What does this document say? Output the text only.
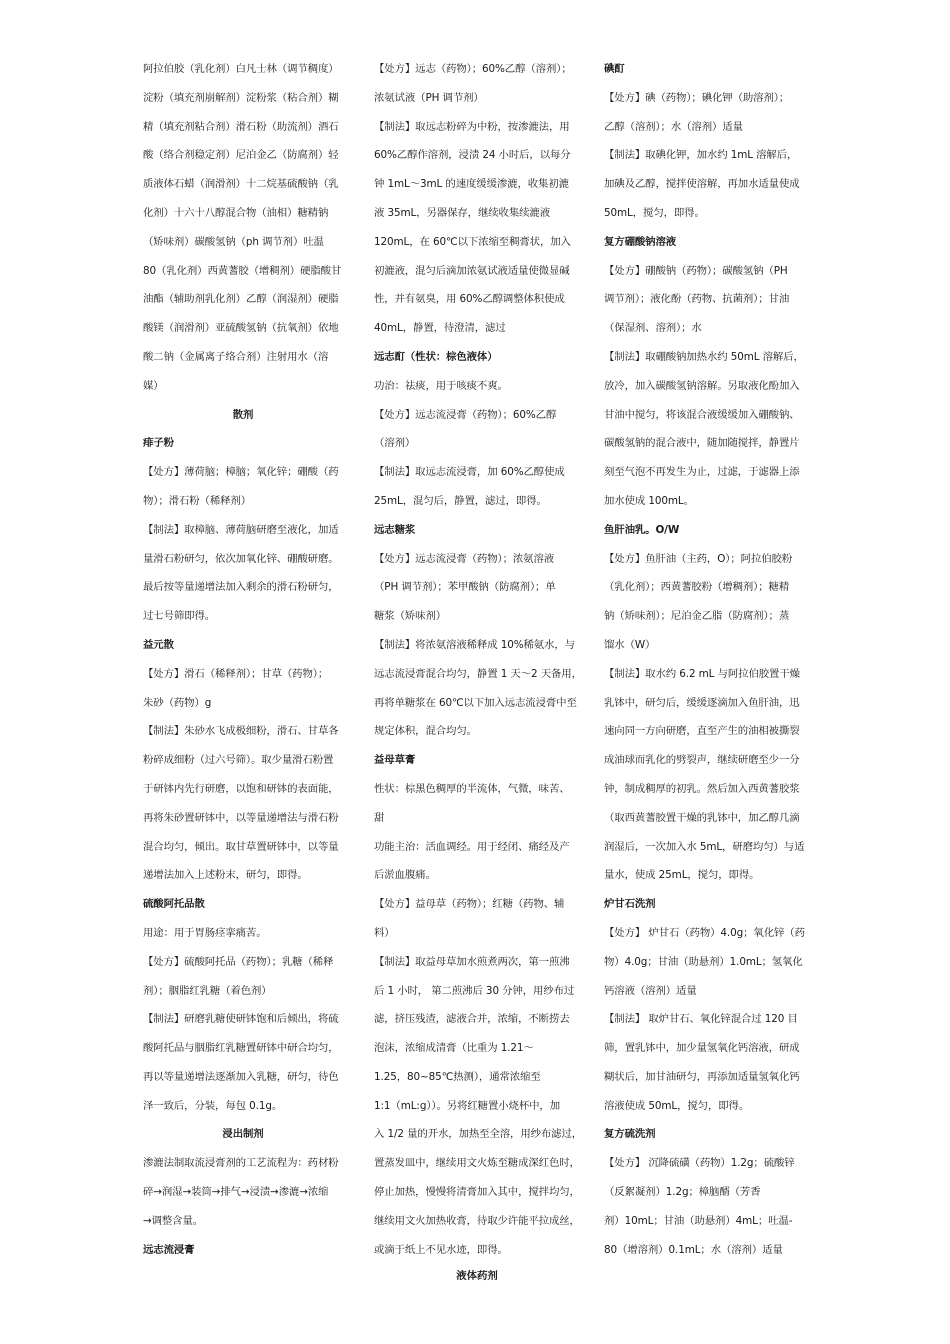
阿拉伯胶（乳化剂）白凡士林（调节稠度）
淀粉（填充剂崩解剂）淀粉浆（粘合剂）糊
精（填充剂粘合剂）滑石粉（助流剂）酒石
酸（络合剂稳定剂）尼泊金乙（防腐剂）轻
质液体石蜡（润滑剂）十二烷基硫酸钠（乳
化剂）十六十八醇混合物（油相）糖精钠
（矫味剂）碳酸氢钠（ph 调节剂）吐温
80（乳化剂）西黄蓍胶（增稠剂）硬脂酸甘
油酯（辅助剂乳化剂）乙醇（润湿剂）硬脂
酸镁（润滑剂）亚硫酸氢钠（抗氧剂）依地
酸二钠（金属离子络合剂）注射用水（溶
媒）
散剂
痱子粉
【处方】薄荷脑；樟脑；氧化锌；硼酸（药
物）；滑石粉（稀释剂）
【制法】取樟脑、薄荷脑研磨至液化，加适
量滑石粉研匀，依次加氧化锌、硼酸研磨。
最后按等量递增法加入剩余的滑石粉研匀，
过七号筛即得。
益元散
【处方】滑石（稀释剂）；甘草（药物）；
朱砂（药物）g
【制法】朱砂水飞成极细粉，滑石、甘草各
粉碎成细粉（过六号筛）。取少量滑石粉置
于研钵内先行研磨，以饱和研钵的表面能，
再将朱砂置研钵中，以等量递增法与滑石粉
混合均匀，倾出。取甘草置研钵中，以等量
递增法加入上述粉末，研匀，即得。
硫酸阿托品散
用途：用于胃肠痉挛痛苦。
【处方】硫酸阿托品（药物）；乳糖（稀释
剂）；胭脂红乳糖（着色剂）
【制法】研磨乳糖使研钵饱和后倾出，将硫
酸阿托品与胭脂红乳糖置研钵中研合均匀，
再以等量递增法逐渐加入乳糖，研匀，待色
泽一致后，分装，每包 0.1g。
浸出制剂
渗漉法制取流浸膏剂的工艺流程为：药材粉
碎→润湿→装筒→排气→浸渍→渗漉→浓缩
→调整含量。
远志流浸膏
【处方】远志（药物）；60%乙醇（溶剂）；
浓氨试液（PH 调节剂）
【制法】取远志粉碎为中粉，按渗漉法，用
60%乙醇作溶剂，浸渍 24 小时后，以每分
钟 1mL～3mL 的速度缓缓渗漉，收集初漉
液 35mL，另器保存，继续收集续漉液
120mL，在 60℃以下浓缩至稠膏状，加入
初漉液，混匀后滴加浓氨试液适量使微显碱
性，并有氨臭，用 60%乙醇调整体积使成
40mL，静置，待澄清，滤过
远志酊（性状：棕色液体）
功治：祛痰，用于咳痰不爽。
【处方】远志流浸膏（药物）；60%乙醇
（溶剂）
【制法】取远志流浸膏，加 60%乙醇使成
25mL，混匀后，静置，滤过，即得。
远志糖浆
【处方】远志流浸膏（药物）；浓氨溶液
（PH 调节剂）；苯甲酸钠（防腐剂）；单
糖浆（矫味剂）
【制法】将浓氨溶液稀释成 10%稀氨水，与
远志流浸膏混合均匀，静置 1 天～2 天备用，
再将单糖浆在 60℃以下加入远志流浸膏中至
规定体积，混合均匀。
益母草膏
性状：棕黑色稠厚的半流体，气微，味苦、
甜
功能主治：活血调经。用于经闭、痛经及产
后淤血腹痛。
【处方】益母草（药物）；红糖（药物、辅
料）
【制法】取益母草加水煎煮两次，第一煎沸
后 1 小时， 第二煎沸后 30 分钟，用纱布过
滤，挤压残渣，滤液合并，浓缩，不断捞去
泡沫，浓缩成清膏（比重为 1.21～
1.25，80~85℃热测），通常浓缩至
1:1（mL:g））。另将红糖置小烧杯中，加
入 1/2 量的开水，加热至全溶，用纱布滤过，
置蒸发皿中，继续用文火炼至糖成深红色时，
停止加热，慢慢将清膏加入其中，搅拌均匀，
继续用文火加热收膏，待取少许能平拉成丝，
或滴于纸上不见水迹，即得。
碘酊
【处方】碘（药物）；碘化钾（助溶剂）；
乙醇（溶剂）；水（溶剂）适量
【制法】取碘化钾，加水约 1mL 溶解后，
加碘及乙醇，搅拌使溶解，再加水适量使成
50mL，搅匀，即得。
复方硼酸钠溶液
【处方】硼酸钠（药物）；碳酸氢钠（PH
调节剂）；液化酚（药物、抗菌剂）；甘油
（保湿剂、溶剂）；水
【制法】取硼酸钠加热水约 50mL 溶解后，
放冷，加入碳酸氢钠溶解。另取液化酚加入
甘油中搅匀，将该混合液缓缓加入硼酸钠、
碳酸氢钠的混合液中，随加随搅拌，静置片
刻至气泡不再发生为止，过滤，于滤器上添
加水使成 100mL。
鱼肝油乳。O/W
【处方】鱼肝油（主药，O）；阿拉伯胶粉
（乳化剂）；西黄蓍胶粉（增稠剂）；糖精
钠（矫味剂）；尼泊金乙脂（防腐剂）；蒸
馏水（W）
【制法】取水约 6.2 mL 与阿拉伯胶置干燥
乳钵中，研匀后，缓缓逐滴加入鱼肝油，迅
速向同一方向研磨，直至产生的油相被撕裂
成油球而乳化的劈裂声，继续研磨至少一分
钟，制成稠厚的初乳。然后加入西黄蓍胶浆
（取西黄蓍胶置干燥的乳钵中，加乙醇几滴
润湿后，一次加入水 5mL，研磨均匀）与适
量水，使成 25mL，搅匀，即得。
炉甘石洗剂
【处方】 炉甘石（药物）4.0g；氧化锌（药
物）4.0g；甘油（助悬剂）1.0mL；氢氧化
钙溶液（溶剂）适量
【制法】 取炉甘石、氧化锌混合过 120 目
筛，置乳钵中，加少量氢氧化钙溶液，研成
糊状后，加甘油研匀，再添加适量氢氧化钙
溶液使成 50mL，搅匀，即得。
复方硫洗剂
【处方】 沉降硫磺（药物）1.2g；硫酸锌
（反絮凝剂）1.2g；樟脑醑（芳香
剂）10mL；甘油（助悬剂）4mL；吐温-
80（增溶剂）0.1mL；水（溶剂）适量
液体药剂
